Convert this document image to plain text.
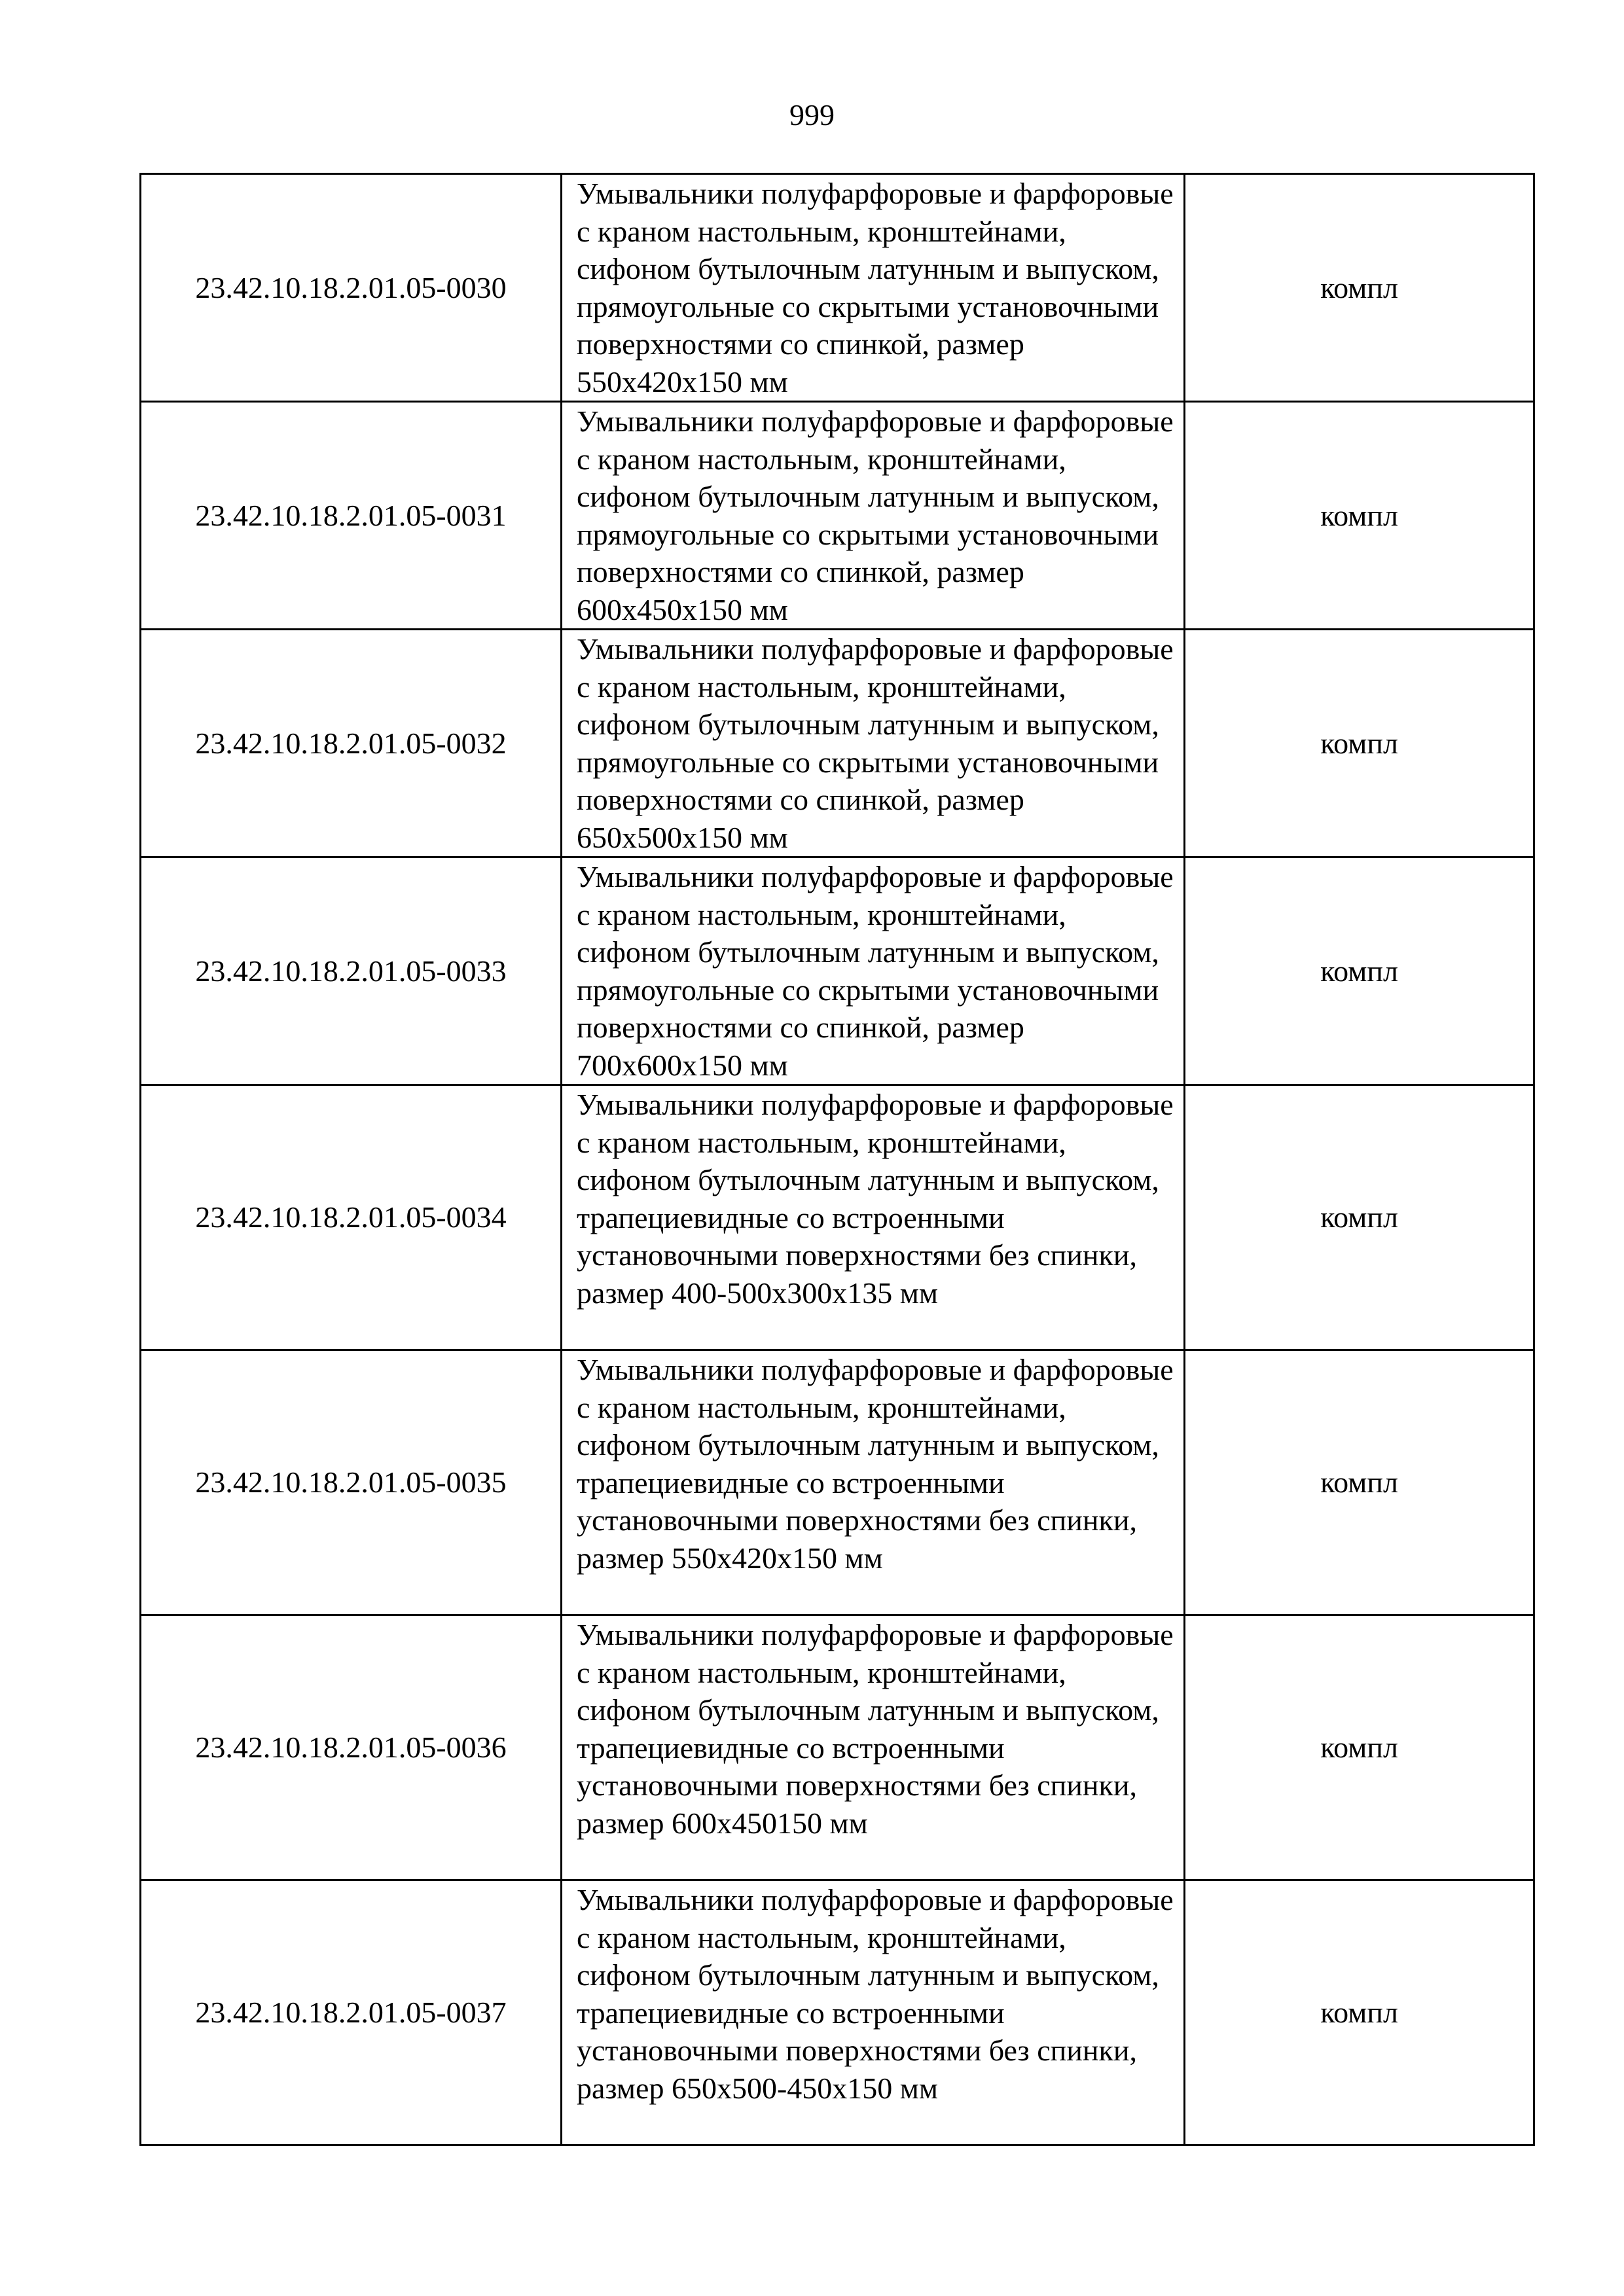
999
23.42.10.18.2.01.05-0030	Умывальники полуфарфоровые и фарфоровые с краном настольным, кронштейнами, сифоном бутылочным латунным и выпуском, прямоугольные со скрытыми установочными поверхностями со спинкой, размер 550х420х150 мм	компл
23.42.10.18.2.01.05-0031	Умывальники полуфарфоровые и фарфоровые с краном настольным, кронштейнами, сифоном бутылочным латунным и выпуском, прямоугольные со скрытыми установочными поверхностями со спинкой, размер 600х450х150 мм	компл
23.42.10.18.2.01.05-0032	Умывальники полуфарфоровые и фарфоровые с краном настольным, кронштейнами, сифоном бутылочным латунным и выпуском, прямоугольные со скрытыми установочными поверхностями со спинкой, размер 650х500х150 мм	компл
23.42.10.18.2.01.05-0033	Умывальники полуфарфоровые и фарфоровые с краном настольным, кронштейнами, сифоном бутылочным латунным и выпуском, прямоугольные со скрытыми установочными поверхностями со спинкой, размер 700х600х150 мм	компл
23.42.10.18.2.01.05-0034	Умывальники полуфарфоровые и фарфоровые с краном настольным, кронштейнами, сифоном бутылочным латунным и выпуском, трапециевидные со встроенными установочными поверхностями без спинки, размер 400-500х300х135 мм	компл
23.42.10.18.2.01.05-0035	Умывальники полуфарфоровые и фарфоровые с краном настольным, кронштейнами, сифоном бутылочным латунным и выпуском, трапециевидные со встроенными установочными поверхностями без спинки, размер 550х420х150 мм	компл
23.42.10.18.2.01.05-0036	Умывальники полуфарфоровые и фарфоровые с краном настольным, кронштейнами, сифоном бутылочным латунным и выпуском, трапециевидные со встроенными установочными поверхностями без спинки, размер 600х450150 мм	компл
23.42.10.18.2.01.05-0037	Умывальники полуфарфоровые и фарфоровые с краном настольным, кронштейнами, сифоном бутылочным латунным и выпуском, трапециевидные со встроенными установочными поверхностями без спинки, размер 650х500-450х150 мм	компл
